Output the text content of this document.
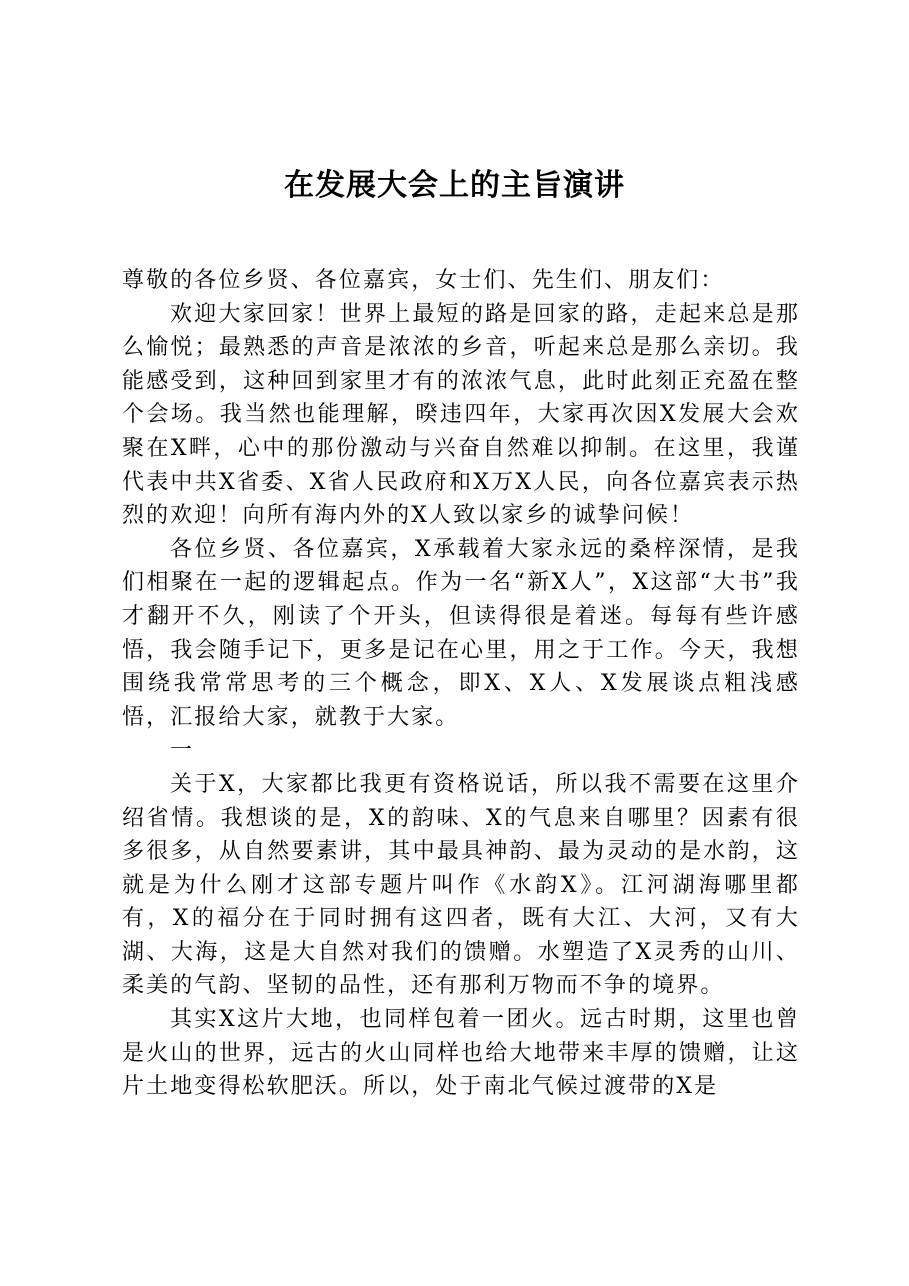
在发展大会上的主旨演讲

尊敬的各位乡贤、各位嘉宾，女士们、先生们、朋友们：

欢迎大家回家！世界上最短的路是回家的路，走起来总是那么愉悦；最熟悉的声音是浓浓的乡音，听起来总是那么亲切。我能感受到，这种回到家里才有的浓浓气息，此时此刻正充盈在整个会场。我当然也能理解，暌违四年，大家再次因X发展大会欢聚在X畔，心中的那份激动与兴奋自然难以抑制。在这里，我谨代表中共X省委、X省人民政府和X万X人民，向各位嘉宾表示热烈的欢迎！向所有海内外的X人致以家乡的诚挚问候！

各位乡贤、各位嘉宾，X承载着大家永远的桑梓深情，是我们相聚在一起的逻辑起点。作为一名“新X人”，X这部“大书”我才翻开不久，刚读了个开头，但读得很是着迷。每每有些许感悟，我会随手记下，更多是记在心里，用之于工作。今天，我想围绕我常常思考的三个概念，即X、X人、X发展谈点粗浅感悟，汇报给大家，就教于大家。

一

关于X，大家都比我更有资格说话，所以我不需要在这里介绍省情。我想谈的是，X的韵味、X的气息来自哪里？因素有很多很多，从自然要素讲，其中最具神韵、最为灵动的是水韵，这就是为什么刚才这部专题片叫作《水韵X》。江河湖海哪里都有，X的福分在于同时拥有这四者，既有大江、大河，又有大湖、大海，这是大自然对我们的馈赠。水塑造了X灵秀的山川、柔美的气韵、坚韧的品性，还有那利万物而不争的境界。

其实X这片大地，也同样包着一团火。远古时期，这里也曾是火山的世界，远古的火山同样也给大地带来丰厚的馈赠，让这片土地变得松软肥沃。所以，处于南北气候过渡带的X是
